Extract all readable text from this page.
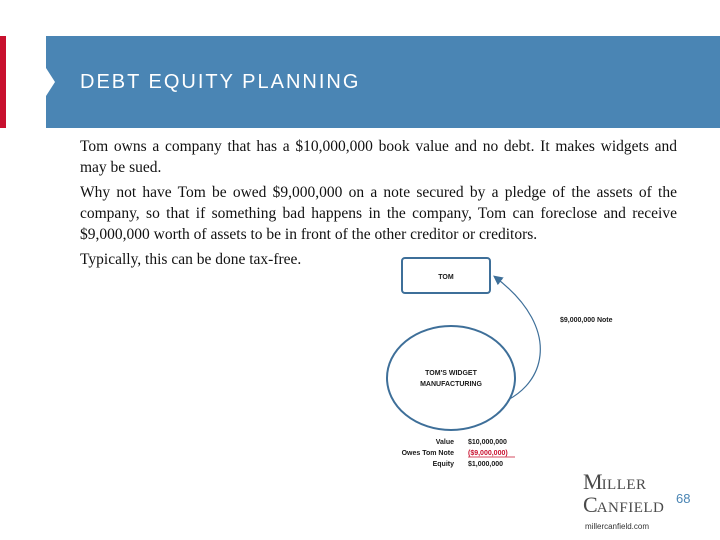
DEBT EQUITY PLANNING

Tom owns a company that has a $10,000,000 book value and no debt. It makes widgets and may be sued.

Why not have Tom be owed $9,000,000 on a note secured by a pledge of the assets of the company, so that if something bad happens in the company, Tom can foreclose and receive $9,000,000 worth of assets to be in front of the other creditor or creditors.

Typically, this can be done tax-free.

TOM
$9,000,000 Note
TOM'S WIDGET
MANUFACTURING
Value $10,000,000
Owes Tom Note ($9,000,000)
Equity $1,000,000
MILLER
CANFIELD
millercanfield.com
68
